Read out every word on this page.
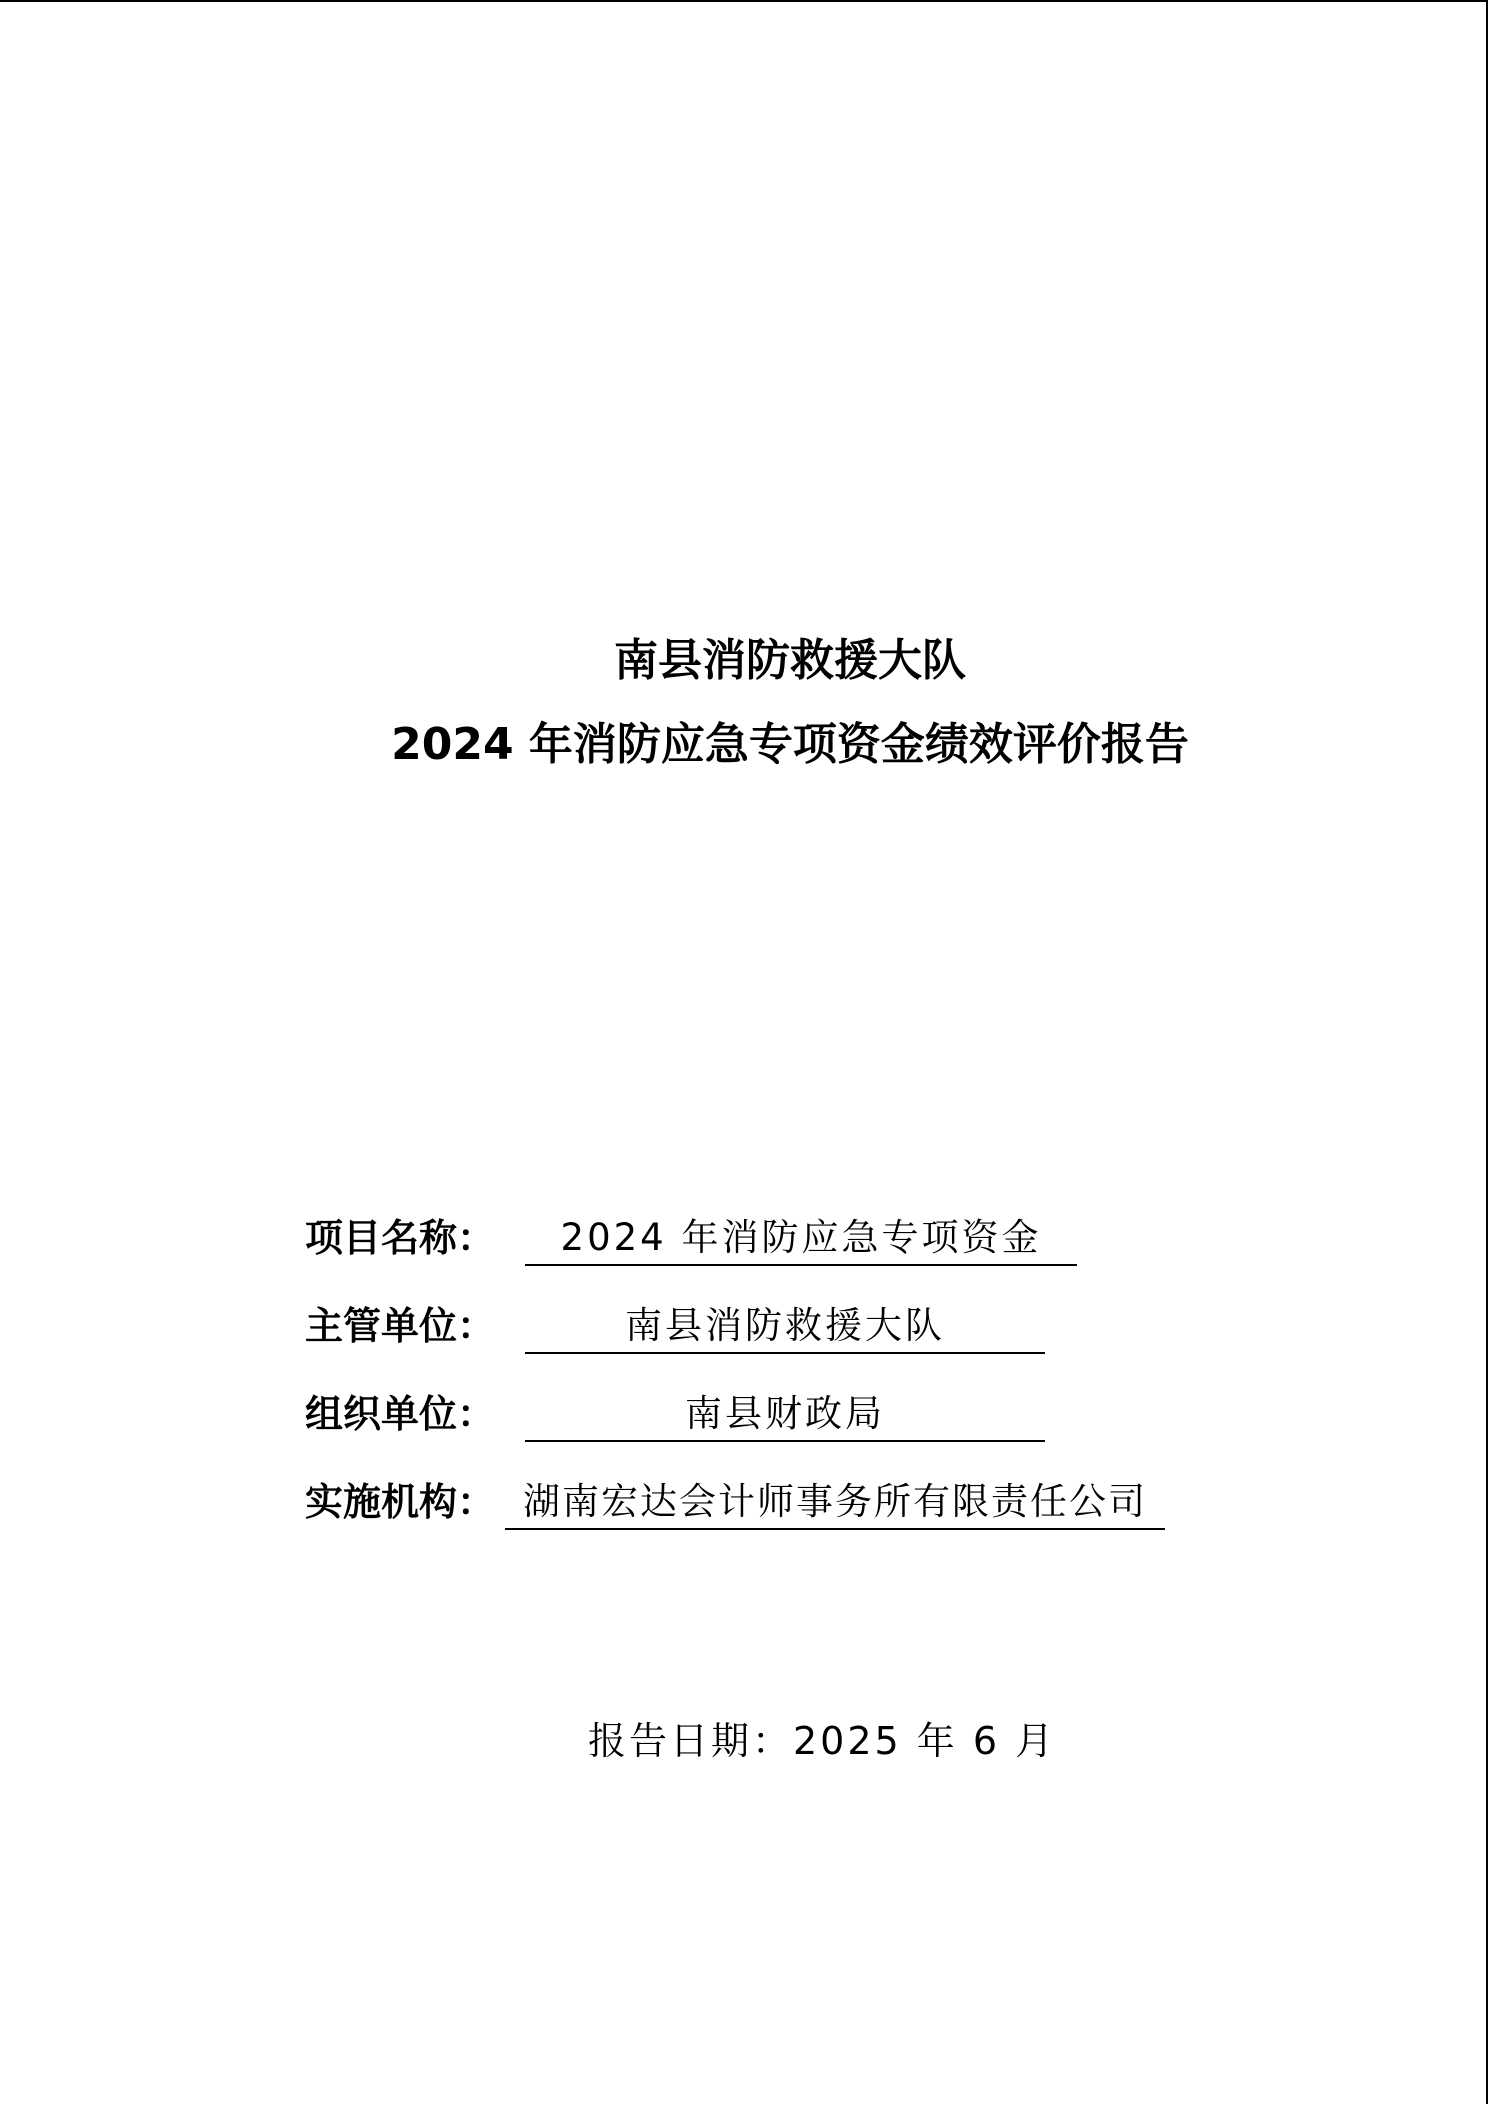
南县消防救援大队
2024 年消防应急专项资金绩效评价报告
项目名称：	2024 年消防应急专项资金
主管单位：	南县消防救援大队
组织单位：	南县财政局
实施机构： 湖南宏达会计师事务所有限责任公司
报告日期：2025 年 6 月
